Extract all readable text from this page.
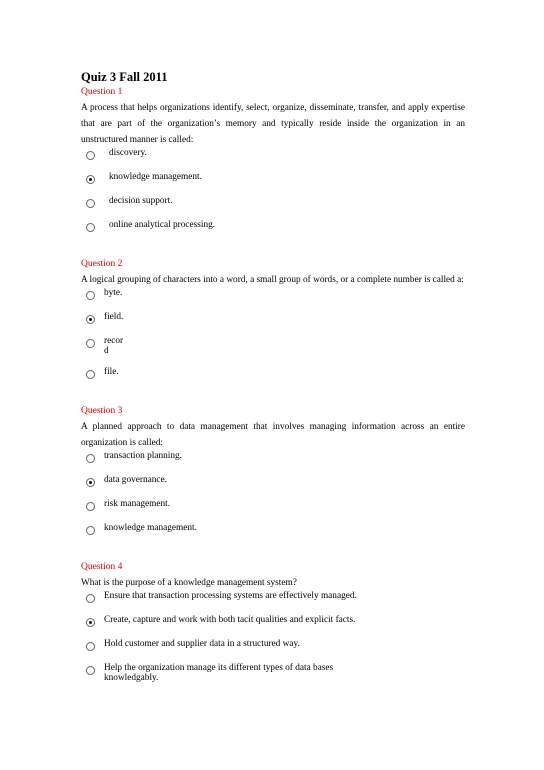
Quiz 3 Fall 2011
Question 1
A process that helps organizations identify, select, organize, disseminate, transfer, and apply expertise that are part of the organization’s memory and typically reside inside the organization in an unstructured manner is called:
discovery.
knowledge management.
decision support.
online analytical processing.
Question 2
A logical grouping of characters into a word, a small group of words, or a complete number is called a:
byte.
field.
record
file.
Question 3
A planned approach to data management that involves managing information across an entire organization is called:
transaction planning.
data governance.
risk management.
knowledge management.
Question 4
What is the purpose of a knowledge management system?
Ensure that transaction processing systems are effectively managed.
Create, capture and work with both tacit qualities and explicit facts.
Hold customer and supplier data in a structured way.
Help the organization manage its different types of data bases knowledgably.
